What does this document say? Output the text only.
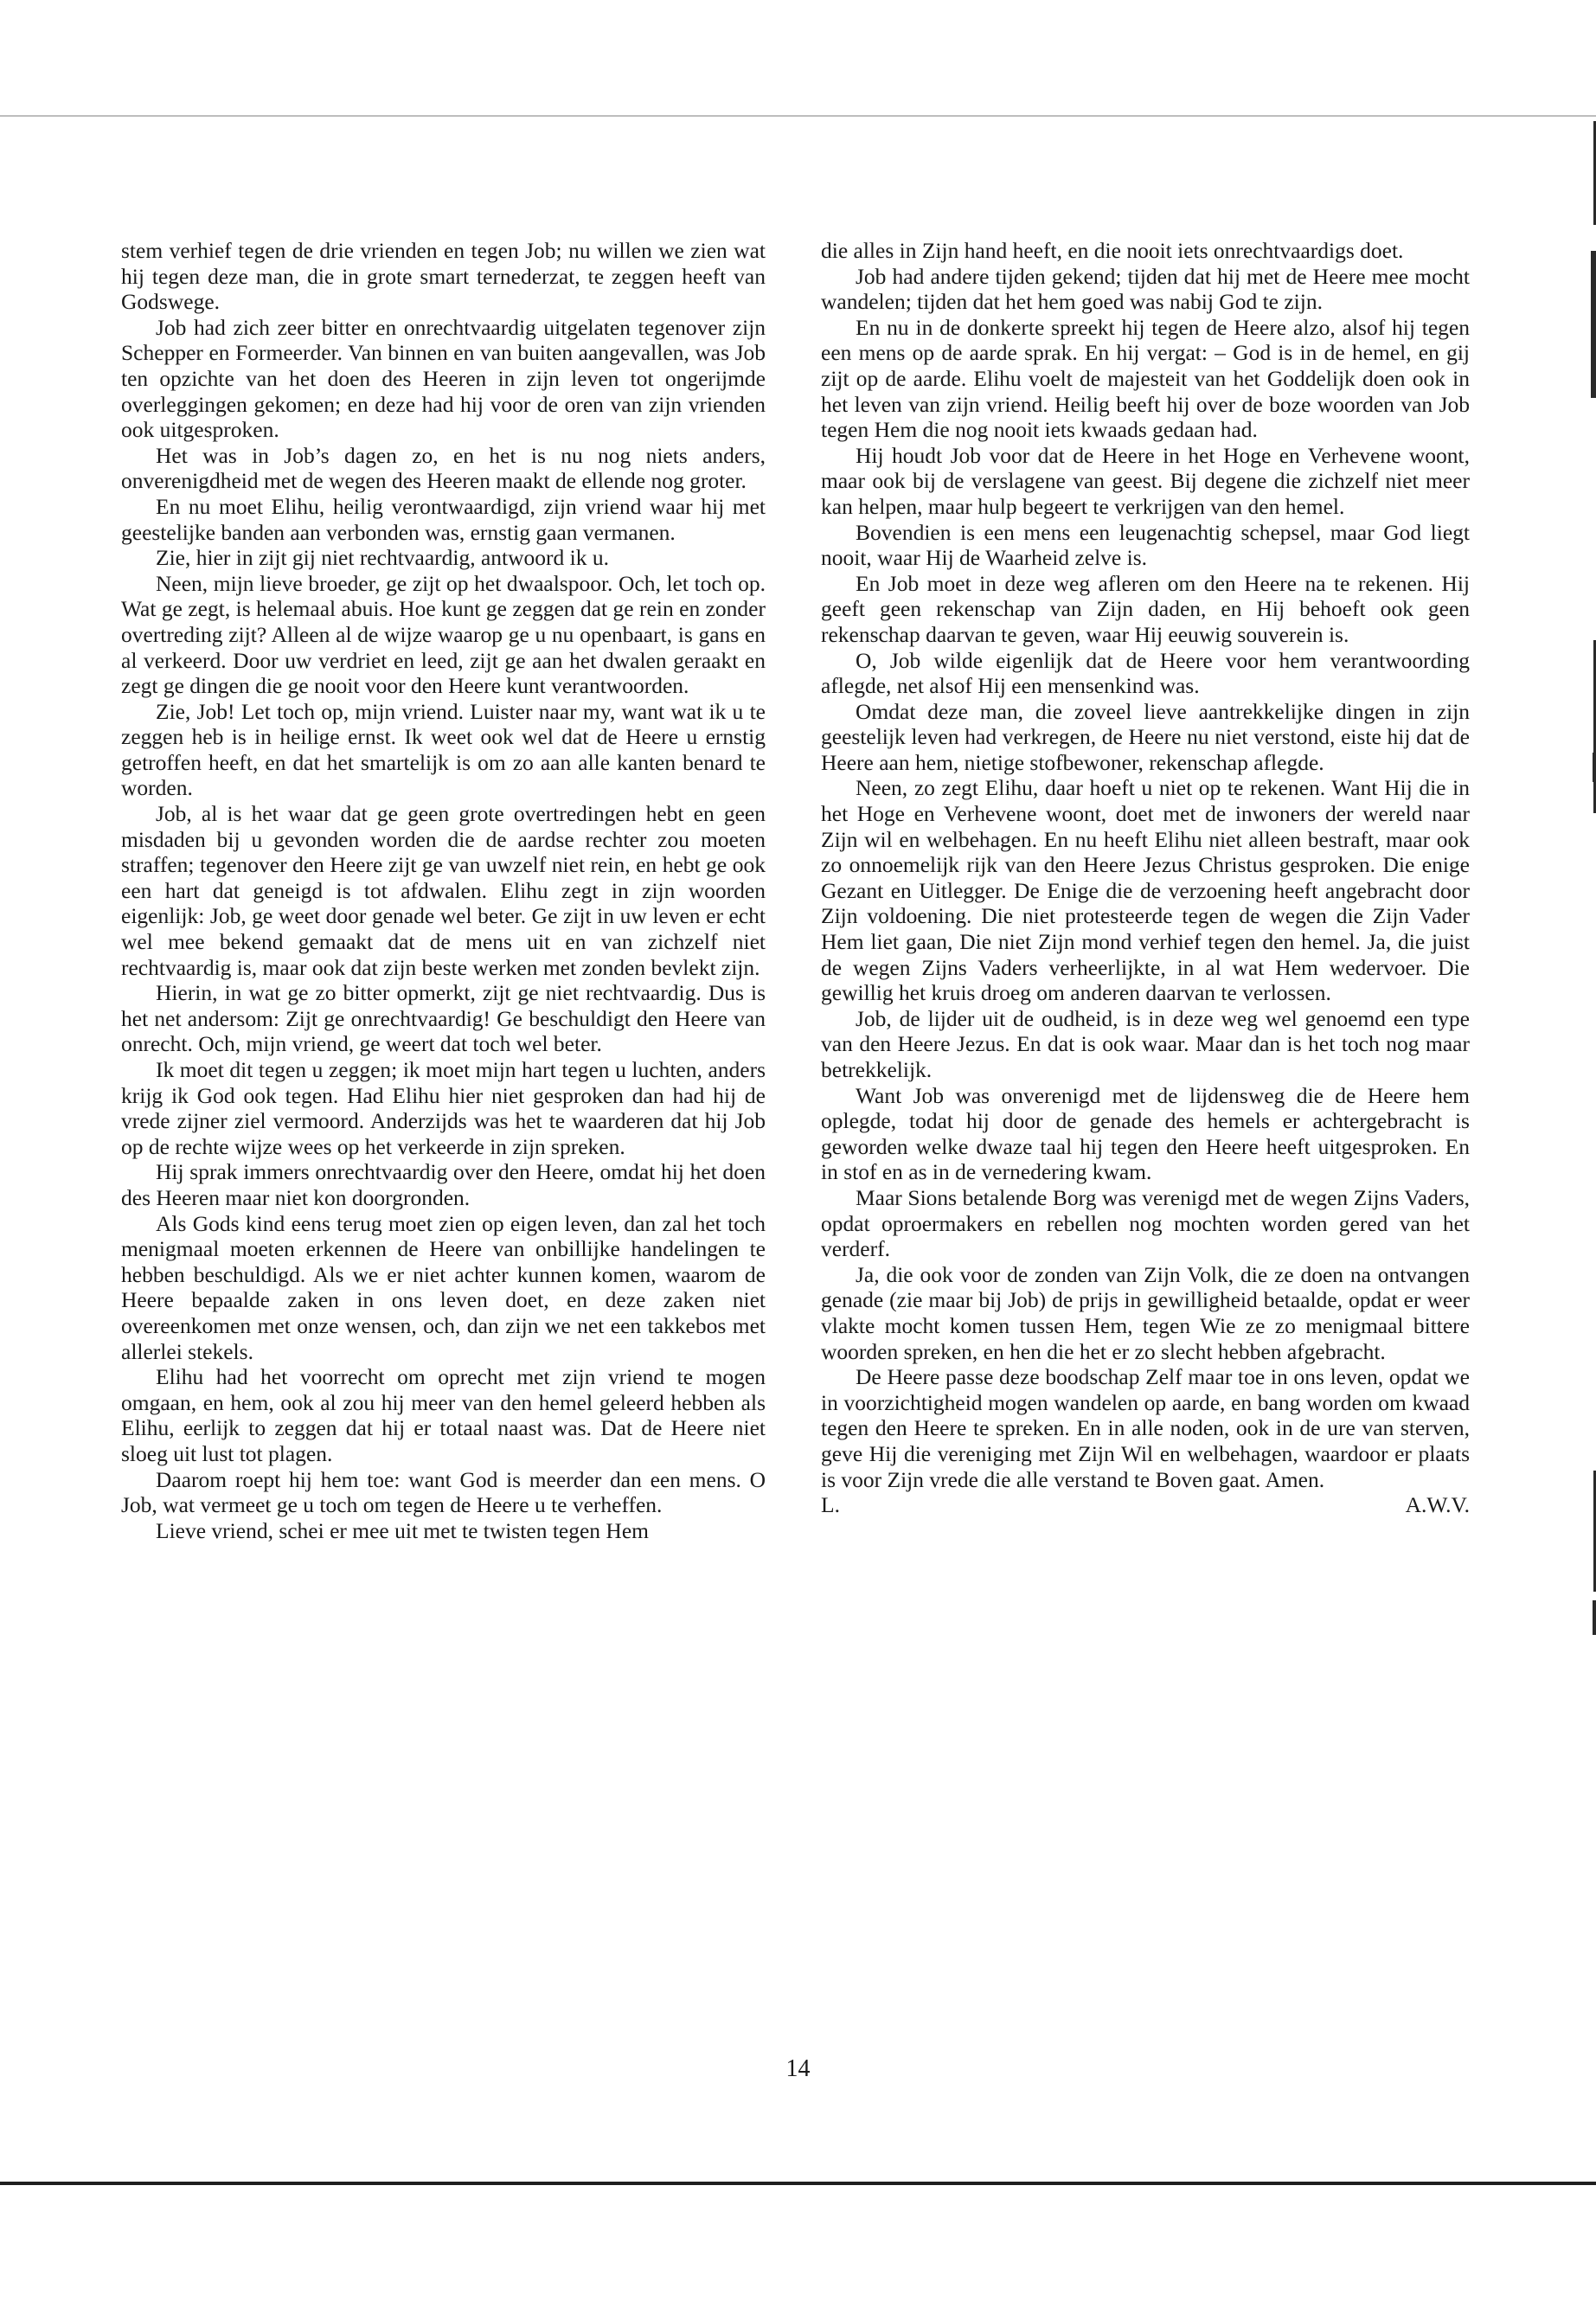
stem verhief tegen de drie vrienden en tegen Job; nu willen we zien wat hij tegen deze man, die in grote smart ternederzat, te zeggen heeft van Godswege.

Job had zich zeer bitter en onrechtvaardig uitgelaten tegenover zijn Schepper en Formeerder. Van binnen en van buiten aangevallen, was Job ten opzichte van het doen des Heeren in zijn leven tot ongerijmde overleggingen gekomen; en deze had hij voor de oren van zijn vrienden ook uitgesproken.

Het was in Job’s dagen zo, en het is nu nog niets anders, onverenigdheid met de wegen des Heeren maakt de ellende nog groter.

En nu moet Elihu, heilig verontwaardigd, zijn vriend waar hij met geestelijke banden aan verbonden was, ernstig gaan vermanen.

Zie, hier in zijt gij niet rechtvaardig, antwoord ik u.

Neen, mijn lieve broeder, ge zijt op het dwaalspoor. Och, let toch op. Wat ge zegt, is helemaal abuis. Hoe kunt ge zeggen dat ge rein en zonder overtreding zijt? Alleen al de wijze waarop ge u nu openbaart, is gans en al verkeerd. Door uw verdriet en leed, zijt ge aan het dwalen geraakt en zegt ge dingen die ge nooit voor den Heere kunt verantwoorden.

Zie, Job! Let toch op, mijn vriend. Luister naar my, want wat ik u te zeggen heb is in heilige ernst. Ik weet ook wel dat de Heere u ernstig getroffen heeft, en dat het smartelijk is om zo aan alle kanten benard te worden.

Job, al is het waar dat ge geen grote overtredingen hebt en geen misdaden bij u gevonden worden die de aardse rechter zou moeten straffen; tegenover den Heere zijt ge van uwzelf niet rein, en hebt ge ook een hart dat geneigd is tot afdwalen. Elihu zegt in zijn woorden eigenlijk: Job, ge weet door genade wel beter. Ge zijt in uw leven er echt wel mee bekend gemaakt dat de mens uit en van zichzelf niet rechtvaardig is, maar ook dat zijn beste werken met zonden bevlekt zijn.

Hierin, in wat ge zo bitter opmerkt, zijt ge niet rechtvaardig. Dus is het net andersom: Zijt ge onrechtvaardig! Ge beschuldigt den Heere van onrecht. Och, mijn vriend, ge weert dat toch wel beter.

Ik moet dit tegen u zeggen; ik moet mijn hart tegen u luchten, anders krijg ik God ook tegen. Had Elihu hier niet gesproken dan had hij de vrede zijner ziel vermoord. Anderzijds was het te waarderen dat hij Job op de rechte wijze wees op het verkeerde in zijn spreken.

Hij sprak immers onrechtvaardig over den Heere, omdat hij het doen des Heeren maar niet kon doorgronden.

Als Gods kind eens terug moet zien op eigen leven, dan zal het toch menigmaal moeten erkennen de Heere van onbillijke handelingen te hebben beschuldigd. Als we er niet achter kunnen komen, waarom de Heere bepaalde zaken in ons leven doet, en deze zaken niet overeenkomen met onze wensen, och, dan zijn we net een takkebos met allerlei stekels.

Elihu had het voorrecht om oprecht met zijn vriend te mogen omgaan, en hem, ook al zou hij meer van den hemel geleerd hebben als Elihu, eerlijk to zeggen dat hij er totaal naast was. Dat de Heere niet sloeg uit lust tot plagen.

Daarom roept hij hem toe: want God is meerder dan een mens. O Job, wat vermeet ge u toch om tegen de Heere u te verheffen.

Lieve vriend, schei er mee uit met te twisten tegen Hem

die alles in Zijn hand heeft, en die nooit iets onrechtvaardigs doet.

Job had andere tijden gekend; tijden dat hij met de Heere mee mocht wandelen; tijden dat het hem goed was nabij God te zijn.

En nu in de donkerte spreekt hij tegen de Heere alzo, alsof hij tegen een mens op de aarde sprak. En hij vergat: – God is in de hemel, en gij zijt op de aarde. Elihu voelt de majesteit van het Goddelijk doen ook in het leven van zijn vriend. Heilig beeft hij over de boze woorden van Job tegen Hem die nog nooit iets kwaads gedaan had.

Hij houdt Job voor dat de Heere in het Hoge en Verhevene woont, maar ook bij de verslagene van geest. Bij degene die zichzelf niet meer kan helpen, maar hulp begeert te verkrijgen van den hemel.

Bovendien is een mens een leugenachtig schepsel, maar God liegt nooit, waar Hij de Waarheid zelve is.

En Job moet in deze weg afleren om den Heere na te rekenen. Hij geeft geen rekenschap van Zijn daden, en Hij behoeft ook geen rekenschap daarvan te geven, waar Hij eeuwig souverein is.

O, Job wilde eigenlijk dat de Heere voor hem verantwoording aflegde, net alsof Hij een mensenkind was.

Omdat deze man, die zoveel lieve aantrekkelijke dingen in zijn geestelijk leven had verkregen, de Heere nu niet verstond, eiste hij dat de Heere aan hem, nietige stofbewoner, rekenschap aflegde.

Neen, zo zegt Elihu, daar hoeft u niet op te rekenen. Want Hij die in het Hoge en Verhevene woont, doet met de inwoners der wereld naar Zijn wil en welbehagen. En nu heeft Elihu niet alleen bestraft, maar ook zo onnoemelijk rijk van den Heere Jezus Christus gesproken. Die enige Gezant en Uitlegger. De Enige die de verzoening heeft angebracht door Zijn voldoening. Die niet protesteerde tegen de wegen die Zijn Vader Hem liet gaan, Die niet Zijn mond verhief tegen den hemel. Ja, die juist de wegen Zijns Vaders verheerlijkte, in al wat Hem wedervoer. Die gewillig het kruis droeg om anderen daarvan te verlossen.

Job, de lijder uit de oudheid, is in deze weg wel genoemd een type van den Heere Jezus. En dat is ook waar. Maar dan is het toch nog maar betrekkelijk.

Want Job was onverenigd met de lijdensweg die de Heere hem oplegde, todat hij door de genade des hemels er achtergebracht is geworden welke dwaze taal hij tegen den Heere heeft uitgesproken. En in stof en as in de vernedering kwam.

Maar Sions betalende Borg was verenigd met de wegen Zijns Vaders, opdat oproermakers en rebellen nog mochten worden gered van het verderf.

Ja, die ook voor de zonden van Zijn Volk, die ze doen na ontvangen genade (zie maar bij Job) de prijs in gewilligheid betaalde, opdat er weer vlakte mocht komen tussen Hem, tegen Wie ze zo menigmaal bittere woorden spreken, en hen die het er zo slecht hebben afgebracht.

De Heere passe deze boodschap Zelf maar toe in ons leven, opdat we in voorzichtigheid mogen wandelen op aarde, en bang worden om kwaad tegen den Heere te spreken. En in alle noden, ook in de ure van sterven, geve Hij die vereniging met Zijn Wil en welbehagen, waardoor er plaats is voor Zijn vrede die alle verstand te Boven gaat. Amen.

L.	A.W.V.
14
